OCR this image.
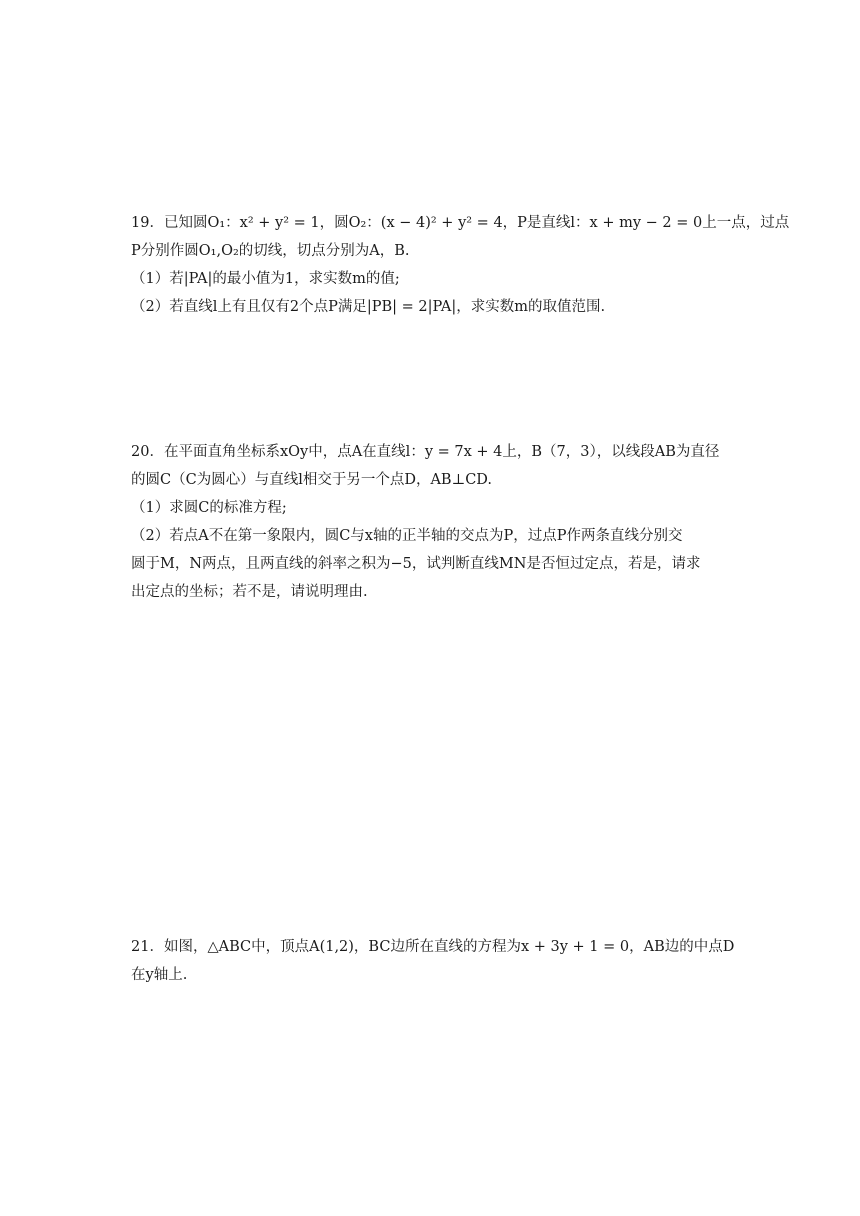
19．已知圆O₁：x² + y² = 1，圆O₂：(x − 4)² + y² = 4，P是直线l：x + my − 2 = 0上一点，过点
P分别作圆O₁,O₂的切线，切点分别为A，B.
（1）若|PA|的最小值为1，求实数m的值;
（2）若直线l上有且仅有2个点P满足|PB| = 2|PA|，求实数m的取值范围.
20．在平面直角坐标系xOy中，点A在直线l：y = 7x + 4上，B（7，3），以线段AB为直径
的圆C（C为圆心）与直线l相交于另一个点D，AB⊥CD.
（1）求圆C的标准方程;
（2）若点A不在第一象限内，圆C与x轴的正半轴的交点为P，过点P作两条直线分别交
圆于M，N两点，且两直线的斜率之积为−5，试判断直线MN是否恒过定点，若是，请求
出定点的坐标；若不是，请说明理由.
21．如图，△ABC中，顶点A(1,2)，BC边所在直线的方程为x + 3y + 1 = 0，AB边的中点D
在y轴上.
